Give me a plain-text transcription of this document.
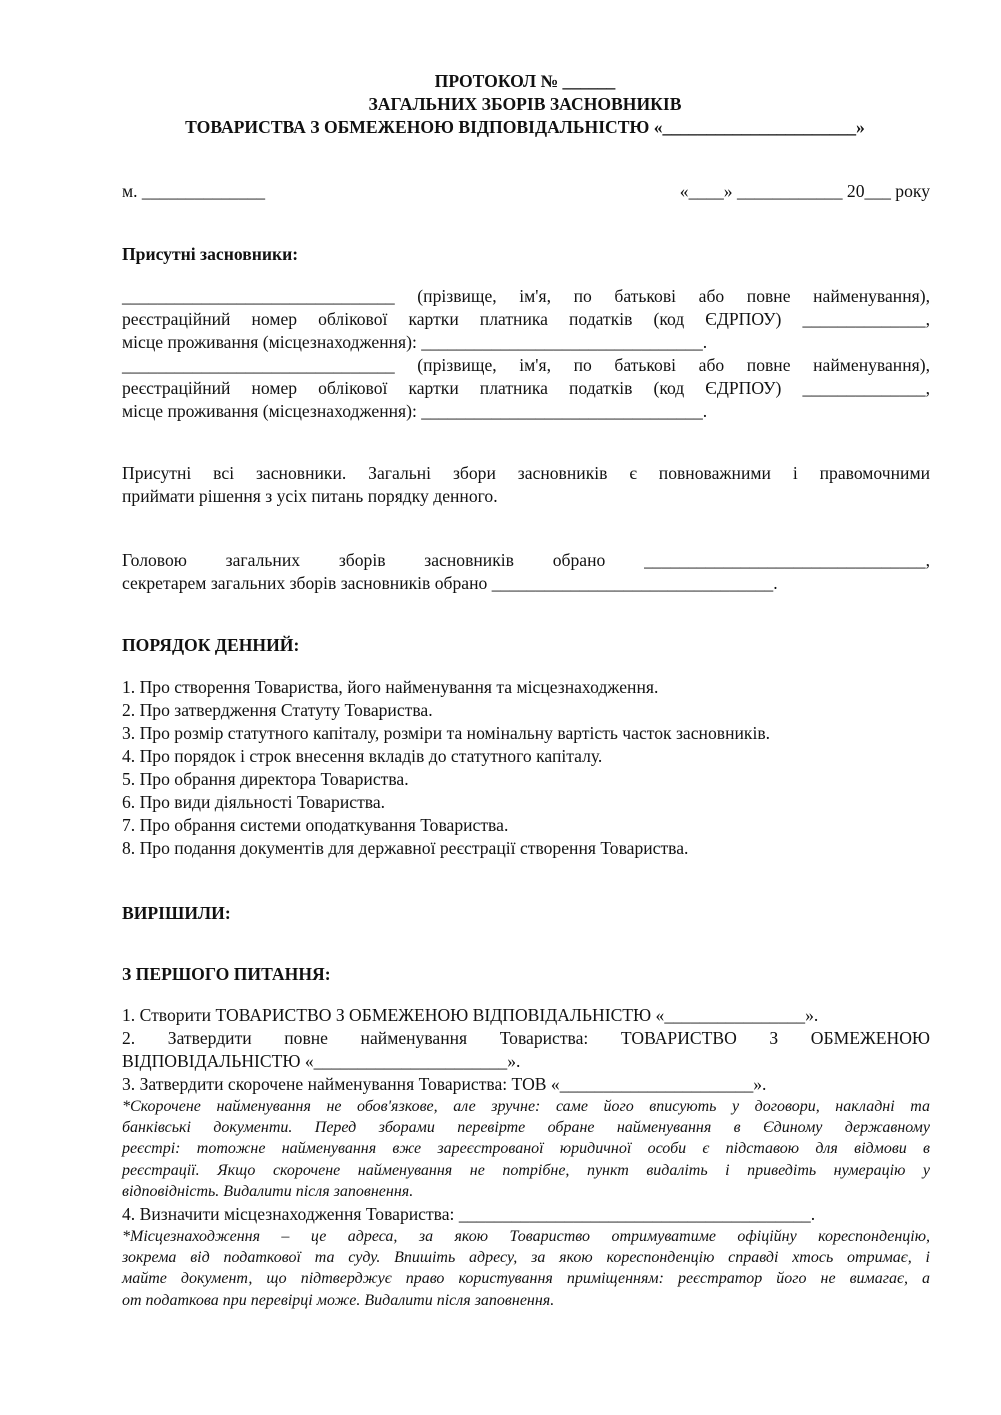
ПРОТОКОЛ № ______
ЗАГАЛЬНИХ ЗБОРІВ ЗАСНОВНИКІВ
ТОВАРИСТВА З ОБМЕЖЕНОЮ ВІДПОВІДАЛЬНІСТЮ «______________________»
м. ______________	«____» ____________ 20___ року
Присутні засновники:
_______________________________ (прізвище, ім'я, по батькові або повне найменування),
реєстраційний номер облікової картки платника податків (код ЄДРПОУ) ______________,
місце проживання (місцезнаходження): ________________________________.
_______________________________ (прізвище, ім'я, по батькові або повне найменування),
реєстраційний номер облікової картки платника податків (код ЄДРПОУ) ______________,
місце проживання (місцезнаходження): ________________________________.
Присутні всі засновники. Загальні збори засновників є повноважними і правомочними
приймати рішення з усіх питань порядку денного.
Головою загальних зборів засновників обрано ________________________________,
секретарем загальних зборів засновників обрано ________________________________.
ПОРЯДОК ДЕННИЙ:
1. Про створення Товариства, його найменування та місцезнаходження.
2. Про затвердження Статуту Товариства.
3. Про розмір статутного капіталу, розміри та номінальну вартість часток засновників.
4. Про порядок і строк внесення вкладів до статутного капіталу.
5. Про обрання директора Товариства.
6. Про види діяльності Товариства.
7. Про обрання системи оподаткування Товариства.
8. Про подання документів для державної реєстрації створення Товариства.
ВИРІШИЛИ:
З ПЕРШОГО ПИТАННЯ:
1. Створити ТОВАРИСТВО З ОБМЕЖЕНОЮ ВІДПОВІДАЛЬНІСТЮ «________________».
2. Затвердити повне найменування Товариства: ТОВАРИСТВО З ОБМЕЖЕНОЮ
ВІДПОВІДАЛЬНІСТЮ «______________________».
3. Затвердити скорочене найменування Товариства: ТОВ «______________________».
*Скорочене найменування не обов'язкове, але зручне: саме його вписують у договори, накладні та
банківські документи. Перед зборами перевірте обране найменування в Єдиному державному
реєстрі: тотожне найменування вже зареєстрованої юридичної особи є підставою для відмови в
реєстрації. Якщо скорочене найменування не потрібне, пункт видаліть і приведіть нумерацію у
відповідність. Видалити після заповнення.
4. Визначити місцезнаходження Товариства: ________________________________________.
*Місцезнаходження – це адреса, за якою Товариство отримуватиме офіційну кореспонденцію,
зокрема від податкової та суду. Впишіть адресу, за якою кореспонденцію справді хтось отримає, і
майте документ, що підтверджує право користування приміщенням: реєстратор його не вимагає, а
от податкова при перевірці може. Видалити після заповнення.
